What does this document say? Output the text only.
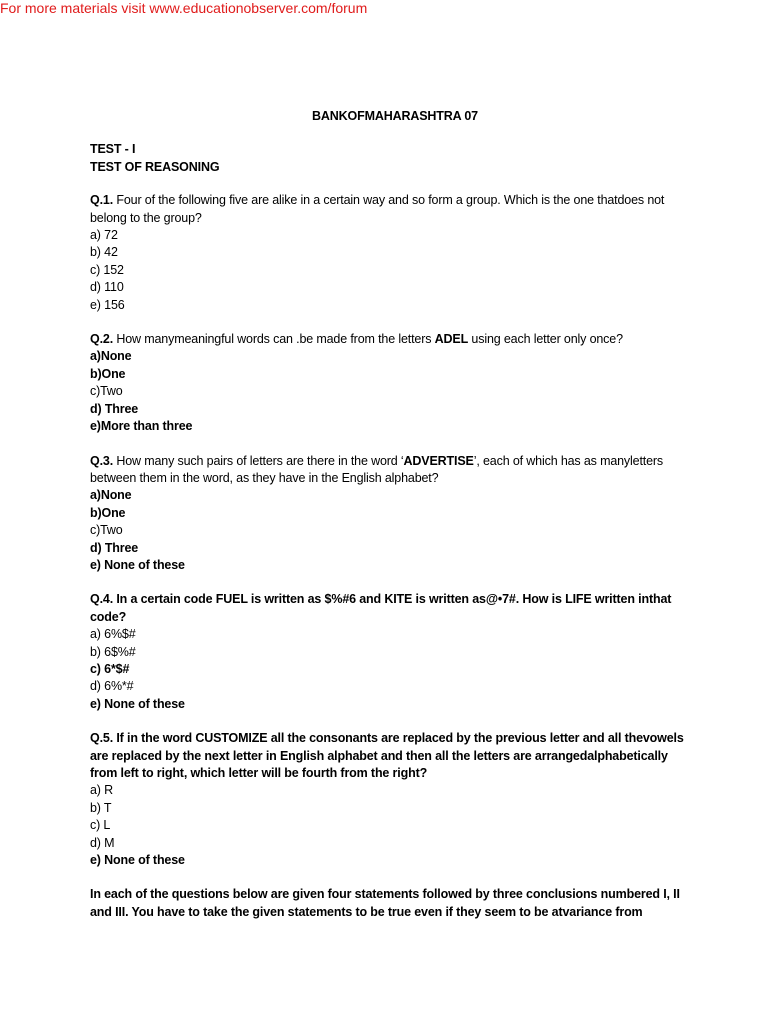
For more materials visit www.educationobserver.com/forum
BANKOFMAHARASHTRA 07

TEST - I

TEST OF REASONING

Q.1. Four of the following five are alike in a certain way and so form a group. Which is the one thatdoes not belong to the group?

a) 72

b) 42

c) 152

d) 110

e) 156

Q.2. How manymeaningful words can .be made from the letters ADEL using each letter only once?

a)None

b)One

c)Two

d) Three

e)More than three

Q.3. How many such pairs of letters are there in the word ‘ADVERTISE’, each of which has as manyletters between them in the word, as they have in the English alphabet?

a)None

b)One

c)Two

d) Three

e) None of these

Q.4. In a certain code FUEL is written as $%#6 and KITE is written as@•7#. How is LIFE written inthat code?

a) 6%$#

b) 6$%#

c) 6*$#

d) 6%*#

e) None of these

Q.5. If in the word CUSTOMIZE all the consonants are replaced by the previous letter and all thevowels are replaced by the next letter in English alphabet and then all the letters are arrangedalphabetically from left to right, which letter will be fourth from the right?

a) R

b) T

c) L

d) M

e) None of these

In each of the questions below are given four statements followed by three conclusions numbered I, II and III. You have to take the given statements to be true even if they seem to be atvariance from
